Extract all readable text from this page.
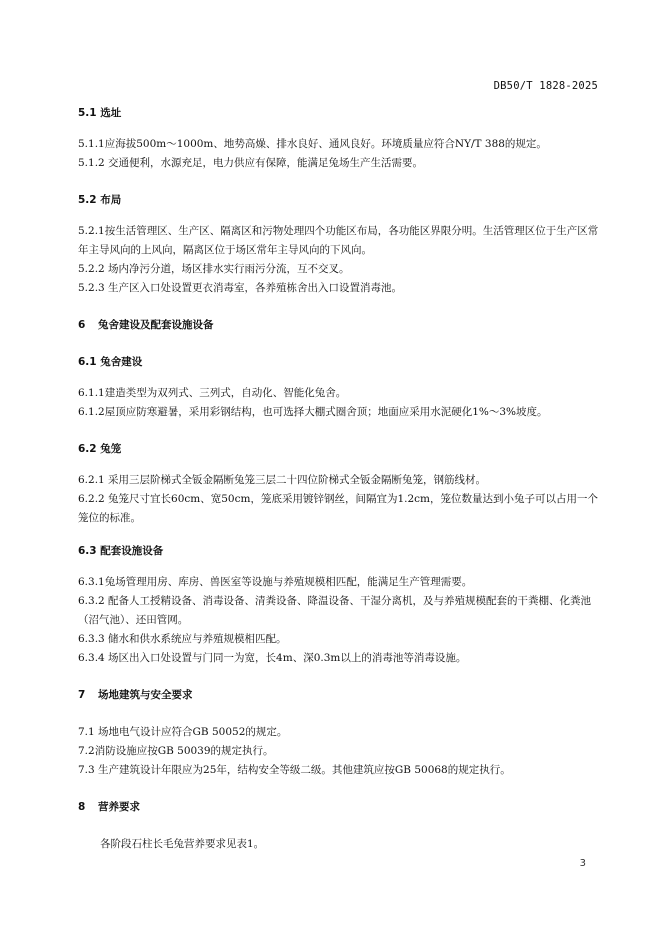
DB50/T 1828-2025
5.1 选址
5.1.1应海拔500m～1000m、地势高燥、排水良好、通风良好。环境质量应符合NY/T 388的规定。
5.1.2 交通便利，水源充足，电力供应有保障，能满足兔场生产生活需要。
5.2 布局
5.2.1按生活管理区、生产区、隔离区和污物处理四个功能区布局，各功能区界限分明。生活管理区位于生产区常年主导风向的上风向，隔离区位于场区常年主导风向的下风向。
5.2.2 场内净污分道，场区排水实行雨污分流，互不交叉。
5.2.3 生产区入口处设置更衣消毒室，各养殖栋舍出入口设置消毒池。
6 兔舍建设及配套设施设备
6.1 兔舍建设
6.1.1建造类型为双列式、三列式，自动化、智能化兔舍。
6.1.2屋顶应防寒避暑，采用彩钢结构，也可选择大棚式圈舍顶；地面应采用水泥硬化1%～3%坡度。
6.2 兔笼
6.2.1 采用三层阶梯式全钣金隔断兔笼三层二十四位阶梯式全钣金隔断兔笼，钢筋线材。
6.2.2 兔笼尺寸宜长60cm、宽50cm，笼底采用镀锌钢丝，间隔宜为1.2cm，笼位数量达到小兔子可以占用一个笼位的标准。
6.3 配套设施设备
6.3.1兔场管理用房、库房、兽医室等设施与养殖规模相匹配，能满足生产管理需要。
6.3.2 配备人工授精设备、消毒设备、清粪设备、降温设备、干湿分离机，及与养殖规模配套的干粪棚、化粪池（沼气池）、还田管网。
6.3.3 储水和供水系统应与养殖规模相匹配。
6.3.4 场区出入口处设置与门同一为宽，长4m、深0.3m以上的消毒池等消毒设施。
7 场地建筑与安全要求
7.1 场地电气设计应符合GB 50052的规定。
7.2消防设施应按GB 50039的规定执行。
7.3 生产建筑设计年限应为25年，结构安全等级二级。其他建筑应按GB 50068的规定执行。
8 营养要求
各阶段石柱长毛兔营养要求见表1。
3
